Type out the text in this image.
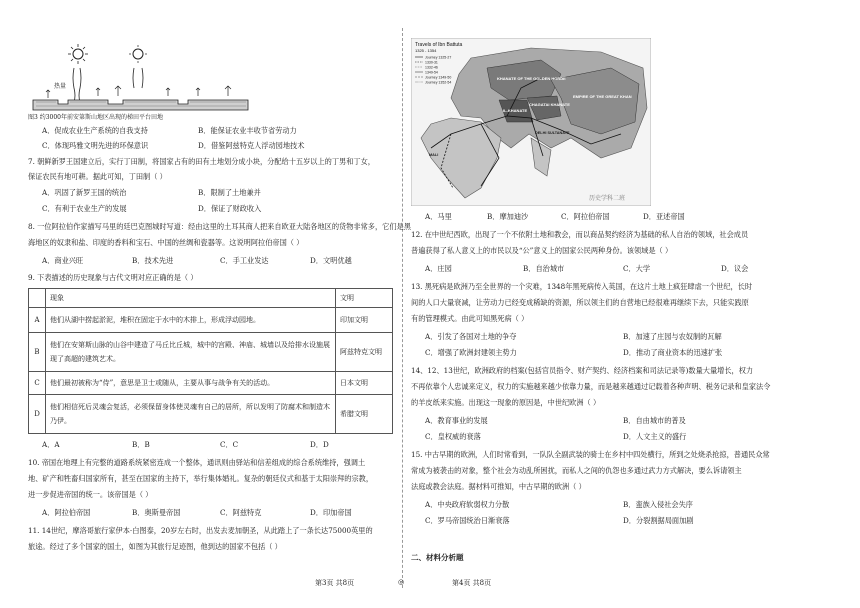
热量
图3 约3000年前安第斯山地区出现的梯田平台田地
A．促成农业生产系统的自我支持	B．能保证农业丰收节省劳动力
C．体现玛雅文明先进的环保意识	D．借鉴阿兹特克人浮动园地技术
7. 朝鲜新罗王国建立后，实行丁田制，将国家占有的田有土地划分成小块，分配给十五岁以上的丁男和丁女，
保证农民有地可耕。据此可知，丁田制（ ）
A．巩固了新罗王国的统治	B．限制了土地兼并
C．有利于农业生产的发展	D．保证了财政收入
8. 一位阿拉伯作家描写马里的廷巴克图城时写道：经由这里的土耳其商人把来自欧亚大陆各地区的货物非常多，它们是黑
海地区的奴隶和盐、印度的香料和宝石、中国的丝绸和瓷器等。这说明阿拉伯帝国（ ）
A．商业兴旺	B．技术先进	C．手工业发达	D．文明优越
9. 下表描述的历史现象与古代文明对应正确的是（ ）
	现象	文明
A	他们从湖中捞起淤泥，堆积在固定于水中的木排上，形成浮动园地。	印加文明
B	他们在安第斯山脉的山谷中建造了马丘比丘城，城中的宫殿、神庙、城墙以及给排水设施展现了高超的建筑艺术。	阿兹特克文明
C	他们最初被称为“侍”，意思是卫士或随从，主要从事与战争有关的活动。	日本文明
D	他们相信死后灵魂会复活，必须保留身体使灵魂有自己的居所，所以发明了防腐术和制造木乃伊。	希腊文明
A．A	B．B	C．C	D．D
10. 帝国在地理上有完整的道路系统紧密连成一个整体，通讯则由驿站和信差组成的综合系统维持，强调土
地、矿产和牲畜归国家所有，甚至在国家的主持下，举行集体婚礼。复杂的朝廷仪式和基于太阳崇拜的宗教，
进一步促进帝国的统一。该帝国是（ ）
A．阿拉伯帝国	B．奥斯曼帝国	C．阿兹特克	D．印加帝国
11. 14世纪，摩洛哥旅行家伊本·白图泰，20岁左右时，出发去麦加朝圣，从此踏上了一条长达75000英里的
旅途。经过了多个国家的国土，如图为其旅行足迹图，他到达的国家不包括（ ）
Travels of Ibn Battuta
1325 - 1354
Journey 1325-27
1330-31
1332-46
1349-54
Journey 1349-50
Journey 1352-54
KHANATE OF THE GOLDEN HORDE
CHAGATAI KHANATE
EMPIRE OF THE GREAT KHAN
IL-KHANATE
DELHI SULTANATE
MALI
历史学科二班
A．马里	B．摩加迪沙	C．阿拉伯帝国	D．亚述帝国
12. 在中世纪西欧，出现了一个不依附土地和教会，而以商品契约经济为基础的私人自治的领域，社会成员
普遍获得了私人意义上的市民以及“公”意义上的国家公民两种身份。该领域是（ ）
A．庄园	B．自治城市	C．大学	D．议会
13. 黑死病是欧洲乃至全世界的一个灾难，1348年黑死病传入英国，在这片土地上疯狂肆虐一个世纪，长时
间的人口大量衰减，让劳动力已经变成稀缺的资源，所以领主们的自营地已经很难再继续下去，只能实践原
有的管理模式。由此可知黑死病（ ）
A．引发了各国对土地的争夺	B．加速了庄园与农奴制的瓦解
C．增强了欧洲封建领主势力	D．推动了商业资本的迅速扩张
14、12、13世纪，欧洲政府的档案(包括官员指令、财产契约、经济档案和司法记录等)数量大量增长，权力
不再依靠个人忠诚来定义，权力的实施越来越少依靠力量，而是越来越通过记载着各种声明、税务记录和皇家法令
的羊皮纸来实施。出现这一现象的原因是，中世纪欧洲（ ）
A．教育事业的发展	B．自由城市的普及
C．皇权威的衰落	D．人文主义的盛行
15. 中古早期的欧洲，人们时常看到，一队队全副武装的骑士在乡村中四处横行，所到之处烧杀抢掠，普通民众常
常成为被袭击的对象，整个社会为动乱所困扰，而私人之间的仇怨也多通过武力方式解决，要么诉请领主
法庭或教会法庭。据材料可推知，中古早期的欧洲（ ）
A．中央政府软弱权力分散	B．蛮族入侵社会失序
C．罗马帝国统治日渐衰落	D．分裂割据局面加剧
二、材料分析题
第3页 共8页	◎	第4页 共8页
